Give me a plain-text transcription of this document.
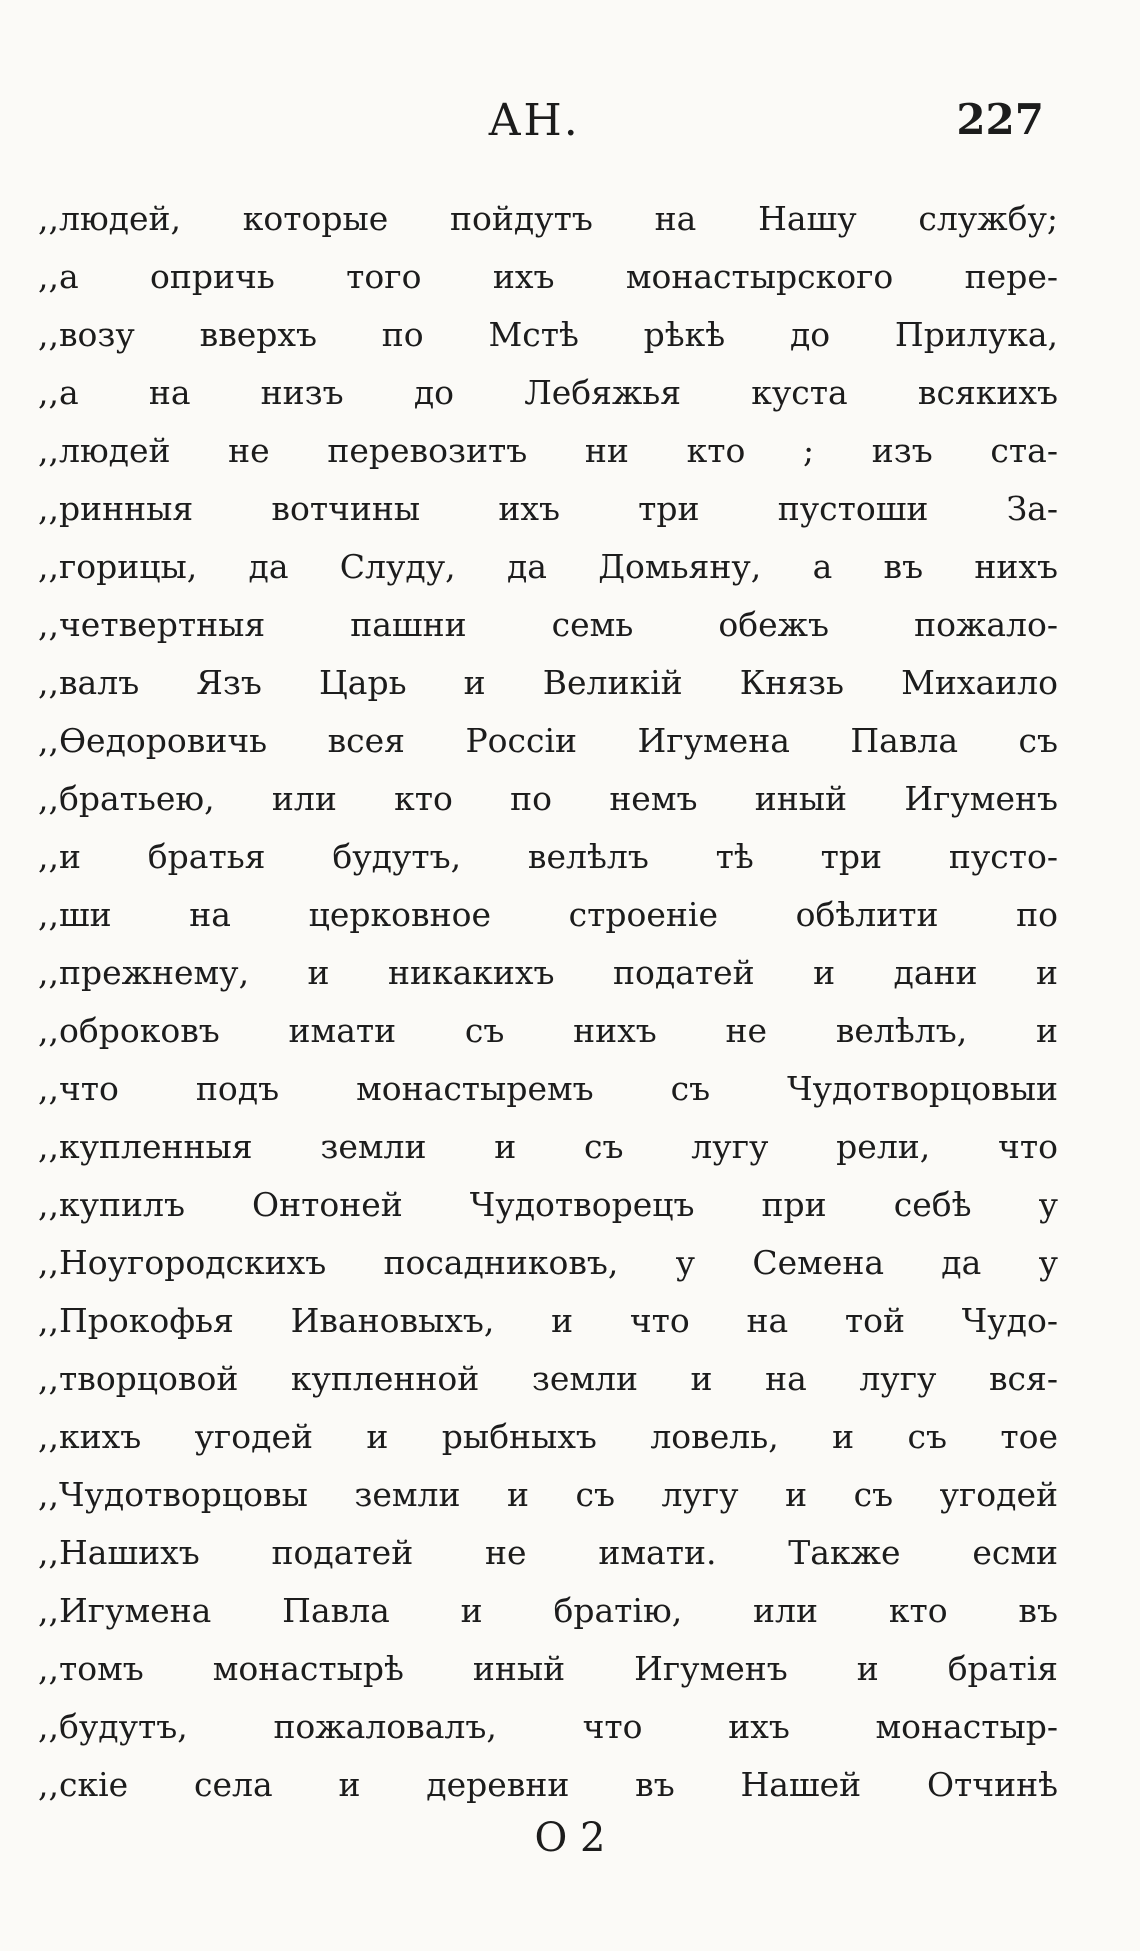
АН.	227
,,людей, которые пойдутъ на Нашу службу;
,,а опричь того ихъ монастырского пере-
,,возу вверхъ по Мстѣ рѣкѣ до Прилука,
,,а на низъ до Лебяжья куста всякихъ
,,людей не перевозитъ ни кто ; изъ ста-
,,ринныя вотчины ихъ три пустоши За-
,,горицы, да Слуду, да Домьяну, а въ нихъ
,,четвертныя пашни семь обежъ пожало-
,,валъ Язъ Царь и Великій Князь Михаило
,,Ѳедоровичь всея Россіи Игумена Павла съ
,,братьею, или кто по немъ иный Игуменъ
,,и братья будутъ, велѣлъ тѣ три пусто-
,,ши на церковное строеніе обѣлити по
,,прежнему, и никакихъ податей и дани и
,,оброковъ имати съ нихъ не велѣлъ, и
,,что подъ монастыремъ съ Чудотворцовыи
,,купленныя земли и съ лугу рели, что
,,купилъ Онтоней Чудотворецъ при себѣ у
,,Ноугородскихъ посадниковъ, у Семена да у
,,Прокофья Ивановыхъ, и что на той Чудо-
,,творцовой купленной земли и на лугу вся-
,,кихъ угодей и рыбныхъ ловель, и съ тое
,,Чудотворцовы земли и съ лугу и съ угодей
,,Нашихъ податей не имати. Также есми
,,Игумена Павла и братію, или кто въ
,,томъ монастырѣ иный Игуменъ и братія
,,будутъ, пожаловалъ, что ихъ монастыр-
,,скіе села и деревни въ Нашей Отчинѣ
О 2
